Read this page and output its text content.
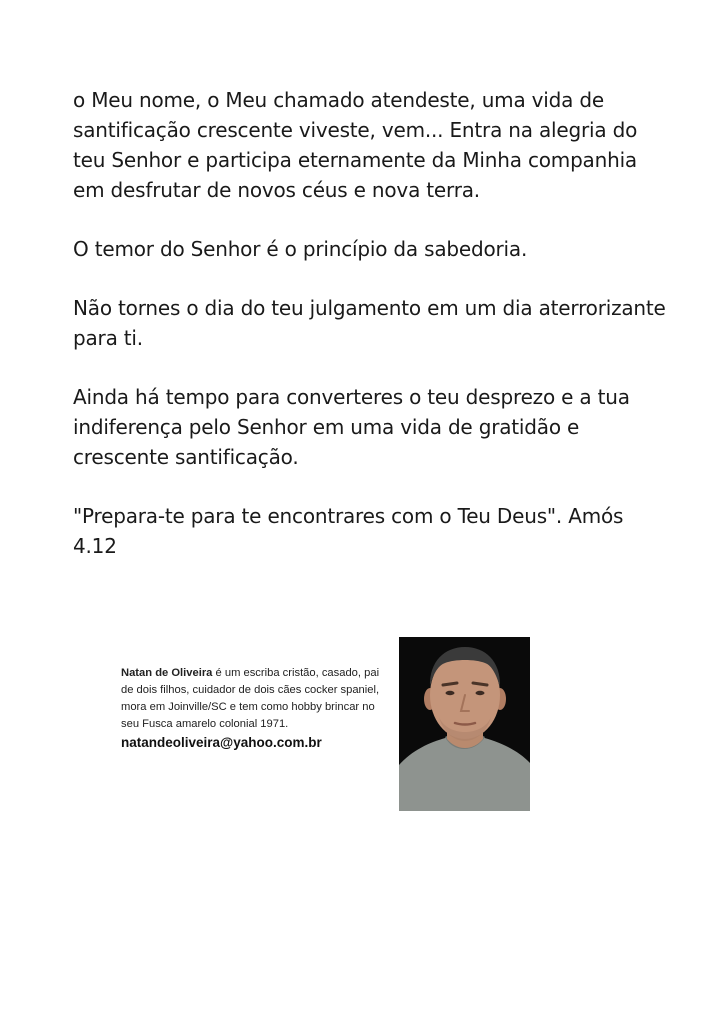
o Meu nome, o Meu chamado atendeste, uma vida de santificação crescente viveste, vem... Entra na alegria do teu Senhor e participa eternamente da Minha companhia em desfrutar de novos céus e nova terra.

O temor do Senhor é o princípio da sabedoria.

Não tornes o dia do teu julgamento em um dia aterrorizante para ti.

Ainda há tempo para converteres o teu desprezo e a tua indiferença pelo Senhor em uma vida de gratidão e crescente santificação.

"Prepara-te para te encontrares com o Teu Deus". Amós 4.12

Natan de Oliveira é um escriba cristão, casado, pai de dois filhos, cuidador de dois cães cocker spaniel, mora em Joinville/SC e tem como hobby brincar no seu Fusca amarelo colonial 1971.
natandeoliveira@yahoo.com.br
